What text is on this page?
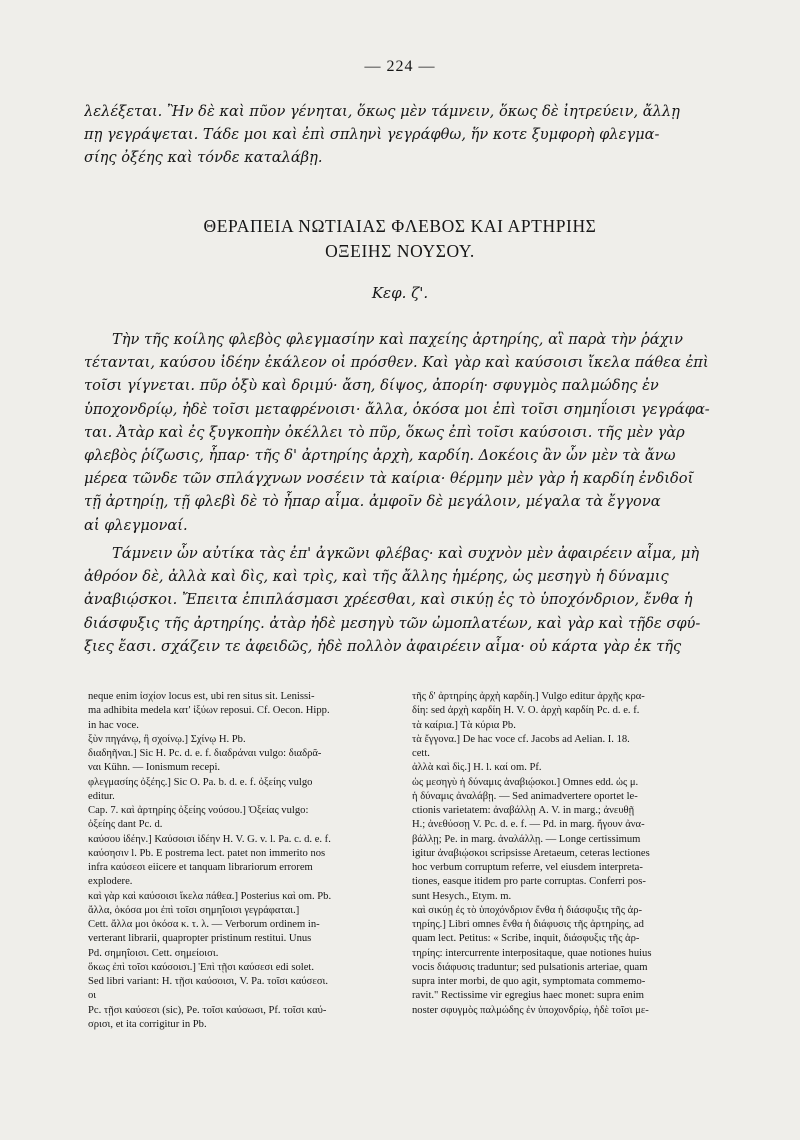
— 224 —
λελέξεται. Ἢν δὲ καὶ πῦον γένηται, ὅκως μὲν τάμνειν, ὅκως δὲ ἰητρεύειν, ἄλλῃ
πῃ γεγράψεται. Τάδε μοι καὶ ἐπὶ σπληνὶ γεγράφθω, ἥν κοτε ξυμφορὴ φλεγμα-
σίης ὀξέης καὶ τόνδε καταλάβῃ.
ΘΕΡΑΠΕΙΑ ΝΩΤΙΑΙΑΣ ΦΛΕΒΟΣ ΚΑΙ ΑΡΤΗΡΙΗΣ
ΟΞΕΙΗΣ ΝΟΥΣΟΥ.
Κεφ. ζ'.
Τὴν τῆς κοίλης φλεβὸς φλεγμασίην καὶ παχείης ἀρτηρίης, αἳ παρὰ τὴν ῥάχιν
τέτανται, καύσου ἰδέην ἐκάλεον οἱ πρόσθεν. Καὶ γὰρ καὶ καύσοισι ἴκελα πάθεα ἐπὶ
τοῖσι γίγνεται. πῦρ ὀξὺ καὶ δριμύ· ἄση, δίψος, ἀπορίη· σφυγμὸς παλμώδης ἐν
ὑποχονδρίῳ, ἠδὲ τοῖσι μεταφρένοισι· ἄλλα, ὁκόσα μοι ἐπὶ τοῖσι σημηΐοισι γεγράφα-
ται. Ἀτὰρ καὶ ἐς ξυγκοπὴν ὀκέλλει τὸ πῦρ, ὅκως ἐπὶ τοῖσι καύσοισι. τῆς μὲν γὰρ
φλεβὸς ῥίζωσις, ἧπαρ· τῆς δ' ἀρτηρίης ἀρχὴ, καρδίη. Δοκέοις ἂν ὧν μὲν τὰ ἄνω
μέρεα τῶνδε τῶν σπλάγχνων νοσέειν τὰ καίρια· θέρμην μὲν γὰρ ἡ καρδίη ἐνδιδοῖ
τῇ ἀρτηρίῃ, τῇ φλεβὶ δὲ τὸ ἧπαρ αἷμα. ἀμφοῖν δὲ μεγάλοιν, μέγαλα τὰ ἔγγονα
αἱ φλεγμοναί.
Τάμνειν ὧν αὐτίκα τὰς ἐπ' ἀγκῶνι φλέβας· καὶ συχνὸν μὲν ἀφαιρέειν αἷμα, μὴ
ἀθρόον δὲ, ἀλλὰ καὶ δὶς, καὶ τρὶς, καὶ τῆς ἄλλης ἡμέρης, ὡς μεσηγὺ ἡ δύναμις
ἀναβιῴσκοι. Ἔπειτα ἐπιπλάσμασι χρέεσθαι, καὶ σικύῃ ἐς τὸ ὑποχόνδριον, ἔνθα ἡ
διάσφυξις τῆς ἀρτηρίης. ἀτὰρ ἠδὲ μεσηγὺ τῶν ὠμοπλατέων, καὶ γὰρ καὶ τῇδε σφύ-
ξιες ἔασι. σχάζειν τε ἀφειδῶς, ἠδὲ πολλὸν ἀφαιρέειν αἷμα· οὐ κάρτα γὰρ ἐκ τῆς
neque enim ἰσχίον locus est, ubi ren situs sit. Lenissi-
ma adhibita medela κατ' ἰξύων reposui. Cf. Oecon. Hipp.
in hac voce.
ξὺν πηγάνῳ, ἢ σχοίνῳ.] Σχίνῳ H. Pb.
διαδηῆναι.] Sic H. Pc. d. e. f. διαδράναι vulgo: διαδρᾶ-
ναι Kühn. — Ionismum recepi.
φλεγμασίης ὀξέης.] Sic O. Pa. b. d. e. f. ὀξείης vulgo
editur.
Cap. 7. καὶ ἀρτηρίης ὀξείης νούσου.] Ὀξείας vulgo:
ὀξείης dant Pc. d.
καύσου ἰδέην.] Καύσοισι ἰδέην H. V. G. v. l. Pa. c. d. e. f.
καύσησιν l. Pb. E postrema lect. patet non immerito nos
infra καύσεσι eiicere et tanquam librariorum errorem
explodere.
καὶ γὰρ καὶ καύσοισι ἴκελα πάθεα.] Posterius καὶ om. Pb.
ἄλλα, ὁκόσα μοι ἐπὶ τοῖσι σημηΐοισι γεγράφαται.]
Cett. ἄλλα μοι ὁκόσα κ. τ. λ. — Verborum ordinem in-
verterant librarii, quapropter pristinum restitui. Unus
Pd. σημηΐοισι. Cett. σημείοισι.
ὅκως ἐπὶ τοῖσι καύσοισι.] Ἐπὶ τῇσι καύσεσι edi solet.
Sed libri variant: H. τῇσι καύσοισι, V. Pa. τοῖσι καύσεσι.
οι
Pc. τῇσι καύσεσι (sic), Pe. τοῖσι καύσωσι, Pf. τοῖσι καύ-
σρισι, et ita corrigitur in Pb.
τῆς δ' ἀρτηρίης ἀρχὴ καρδίη.] Vulgo editur ἀρχῆς κρα-
δίη: sed ἀρχὴ καρδίη H. V. O. ἀρχὴ καρδίη Pc. d. e. f.
τὰ καίρια.] Τὰ κύρια Pb.
τὰ ἔγγονα.] De hac voce cf. Jacobs ad Aelian. I. 18.
cett.
ἀλλὰ καὶ δὶς.] H. l. καί om. Pf.
ὡς μεσηγὺ ἡ δύναμις ἀναβιῴσκοι.] Omnes edd. ὡς μ.
ἡ δύναμις ἀναλάβῃ. — Sed animadvertere oportet le-
ctionis varietatem: ἀναβάλλῃ A. V. in marg.; ἀνευθῇ
H.; ἀνεθύσσῃ V. Pc. d. e. f. — Pd. in marg. ἤγουν ἀνα-
βάλλῃ; Pe. in marg. ἀναλάλλῃ. — Longe certissimum
igitur ἀναβιῴσκοι scripsisse Aretaeum, ceteras lectiones
hoc verbum corruptum referre, vel eiusdem interpreta-
tiones, easque itidem pro parte corruptas. Conferri pos-
sunt Hesych., Etym. m.
καὶ σικύῃ ἐς τὸ ὑποχόνδριον ἔνθα ἡ διάσφυξις τῆς ἀρ-
τηρίης.] Libri omnes ἔνθα ἡ διάφυσις τῆς ἀρτηρίης, ad
quam lect. Petitus: « Scribe, inquit, διάσφυξις τῆς ἀρ-
τηρίης: intercurrente interpositaque, quae notiones huius
vocis διάφυσις traduntur; sed pulsationis arteriae, quam
supra inter morbi, de quo agit, symptomata commemo-
ravit." Rectissime vir egregius haec monet: supra enim
noster σφυγμὸς παλμώδης ἐν ὑποχονδρίῳ, ἠδὲ τοῖσι με-
